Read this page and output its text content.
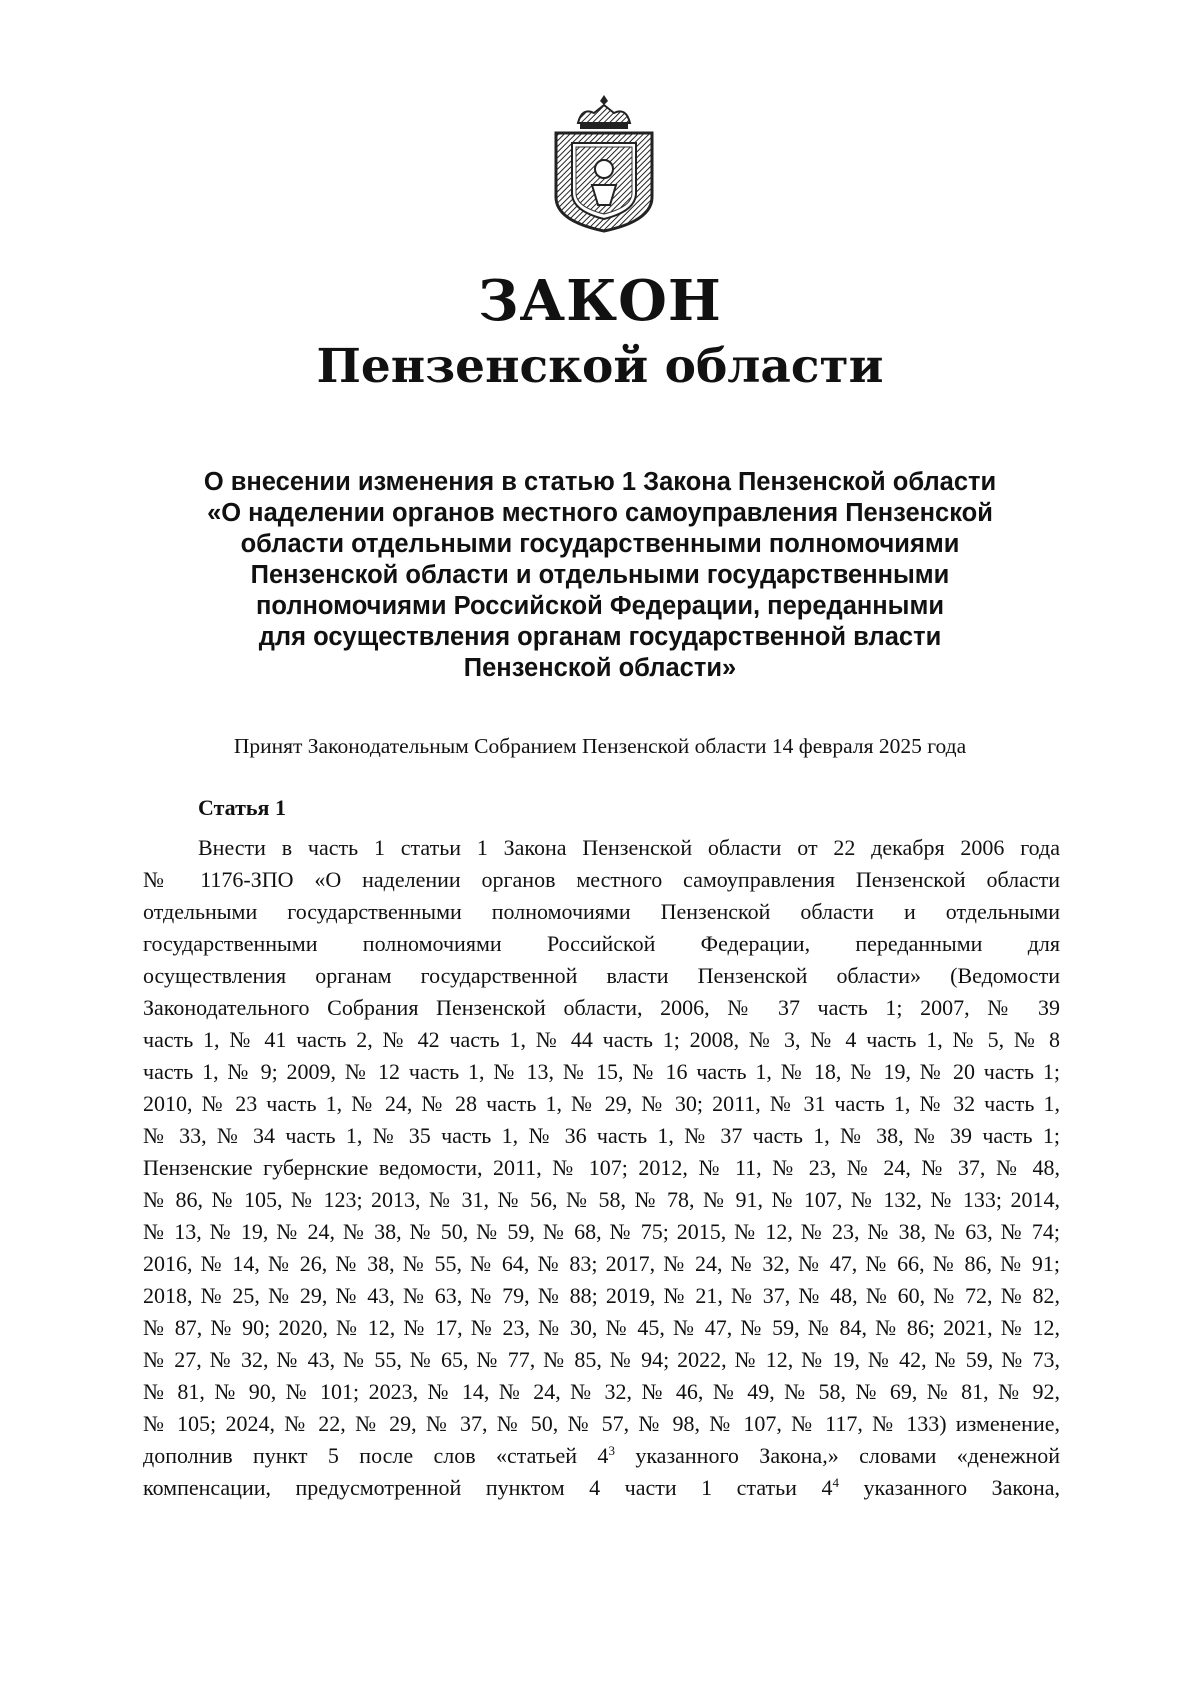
ЗАКОН
Пензенской области
О внесении изменения в статью 1 Закона Пензенской области
«О наделении органов местного самоуправления Пензенской
области отдельными государственными полномочиями
Пензенской области и отдельными государственными
полномочиями Российской Федерации, переданными
для осуществления органам государственной власти
Пензенской области»
Принят Законодательным Собранием Пензенской области 14 февраля 2025 года
Статья 1
Внести в часть 1 статьи 1 Закона Пензенской области от 22 декабря 2006 года
№ 1176-ЗПО «О наделении органов местного самоуправления Пензенской области
отдельными государственными полномочиями Пензенской области и отдельными
государственными полномочиями Российской Федерации, переданными для
осуществления органам государственной власти Пензенской области» (Ведомости
Законодательного Собрания Пензенской области, 2006, № 37 часть 1; 2007, № 39
часть 1, № 41 часть 2, № 42 часть 1, № 44 часть 1; 2008, № 3, № 4 часть 1, № 5, № 8
часть 1, № 9; 2009, № 12 часть 1, № 13, № 15, № 16 часть 1, № 18, № 19, № 20 часть 1;
2010, № 23 часть 1, № 24, № 28 часть 1, № 29, № 30; 2011, № 31 часть 1, № 32 часть 1,
№ 33, № 34 часть 1, № 35 часть 1, № 36 часть 1, № 37 часть 1, № 38, № 39 часть 1;
Пензенские губернские ведомости, 2011, № 107; 2012, № 11, № 23, № 24, № 37, № 48,
№ 86, № 105, № 123; 2013, № 31, № 56, № 58, № 78, № 91, № 107, № 132, № 133; 2014,
№ 13, № 19, № 24, № 38, № 50, № 59, № 68, № 75; 2015, № 12, № 23, № 38, № 63, № 74;
2016, № 14, № 26, № 38, № 55, № 64, № 83; 2017, № 24, № 32, № 47, № 66, № 86, № 91;
2018, № 25, № 29, № 43, № 63, № 79, № 88; 2019, № 21, № 37, № 48, № 60, № 72, № 82,
№ 87, № 90; 2020, № 12, № 17, № 23, № 30, № 45, № 47, № 59, № 84, № 86; 2021, № 12,
№ 27, № 32, № 43, № 55, № 65, № 77, № 85, № 94; 2022, № 12, № 19, № 42, № 59, № 73,
№ 81, № 90, № 101; 2023, № 14, № 24, № 32, № 46, № 49, № 58, № 69, № 81, № 92,
№ 105; 2024, № 22, № 29, № 37, № 50, № 57, № 98, № 107, № 117, № 133) изменение,
дополнив пункт 5 после слов «статьей $4^3$ указанного Закона,» словами «денежной
компенсации, предусмотренной пунктом 4 части 1 статьи $4^4$ указанного Закона,
